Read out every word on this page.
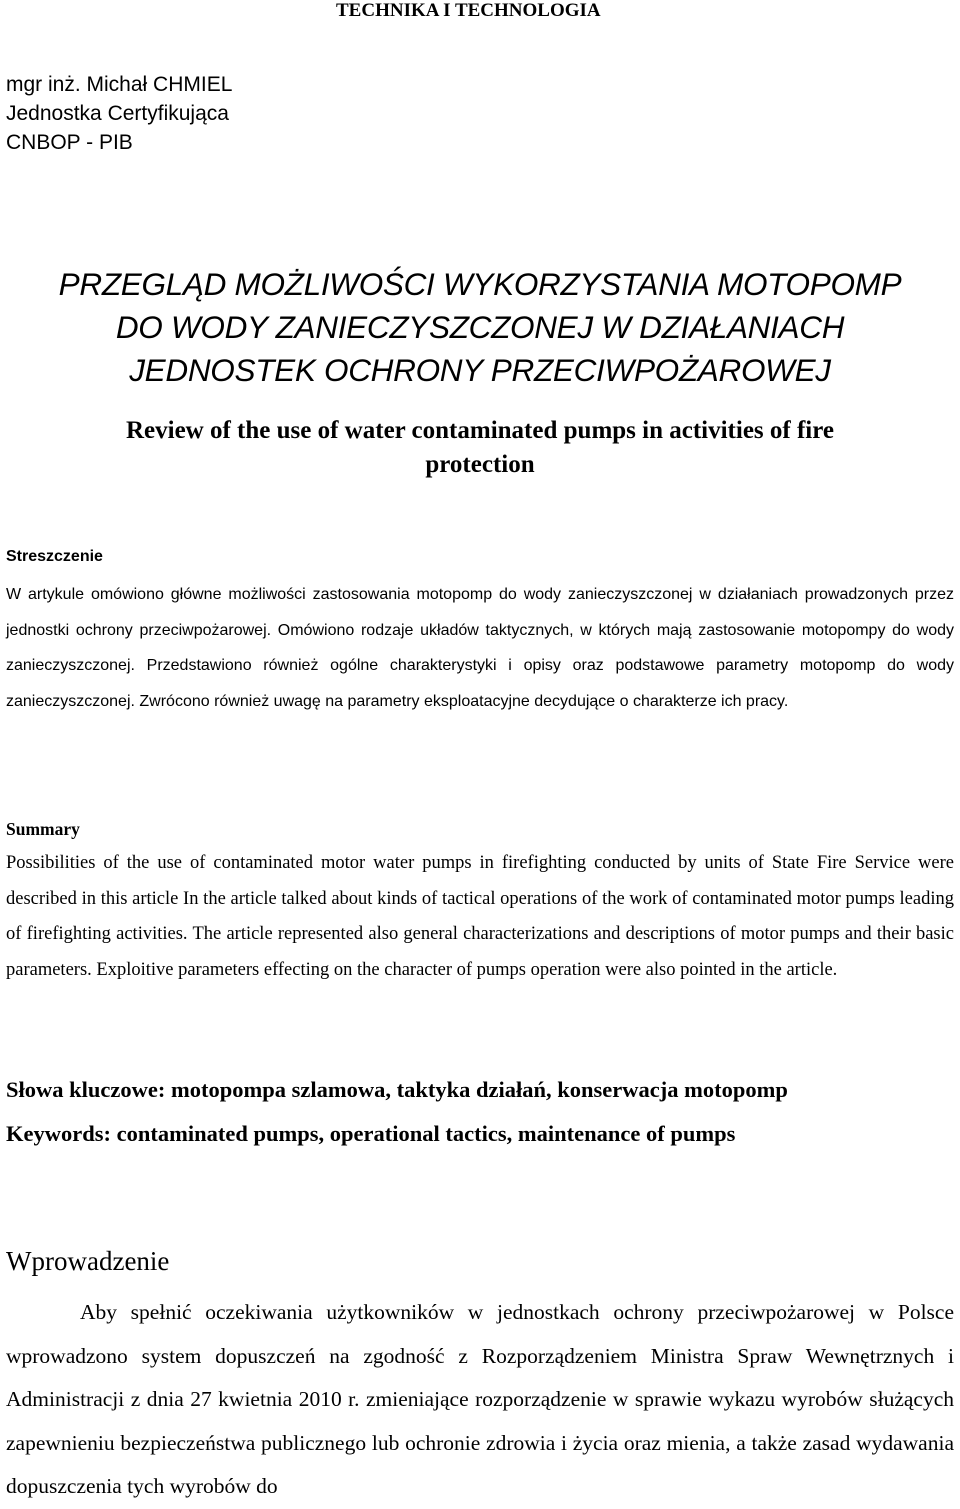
TECHNIKA I TECHNOLOGIA
mgr inż. Michał CHMIEL
Jednostka Certyfikująca
CNBOP - PIB
PRZEGLĄD MOŻLIWOŚCI WYKORZYSTANIA MOTOPOMP
DO WODY ZANIECZYSZCZONEJ W DZIAŁANIACH
JEDNOSTEK OCHRONY PRZECIWPOŻAROWEJ
Review of the use of water contaminated pumps in activities of fire
protection
Streszczenie
W artykule omówiono główne możliwości zastosowania motopomp do wody zanieczyszczonej w działaniach prowadzonych przez jednostki ochrony przeciwpożarowej. Omówiono rodzaje układów taktycznych, w których mają zastosowanie motopompy do wody zanieczyszczonej. Przedstawiono również ogólne charakterystyki i opisy oraz podstawowe parametry motopomp do wody zanieczyszczonej. Zwrócono również uwagę na parametry eksploatacyjne decydujące o charakterze ich pracy.
Summary
Possibilities of the use of contaminated motor water pumps in firefighting conducted by units of State Fire Service were described in this article In the article talked about kinds of tactical operations of the work of contaminated motor pumps leading of firefighting activities. The article represented also general characterizations and descriptions of motor pumps and their basic parameters. Exploitive parameters effecting on the character of pumps operation were also pointed in the article.
Słowa kluczowe: motopompa szlamowa, taktyka działań, konserwacja motopomp
Keywords: contaminated pumps, operational tactics, maintenance of pumps
Wprowadzenie
Aby spełnić oczekiwania użytkowników w jednostkach ochrony przeciwpożarowej w Polsce wprowadzono system dopuszczeń na zgodność z Rozporządzeniem Ministra Spraw Wewnętrznych i Administracji z dnia 27 kwietnia 2010 r. zmieniające rozporządzenie w sprawie wykazu wyrobów służących zapewnieniu bezpieczeństwa publicznego lub ochronie zdrowia i życia oraz mienia, a także zasad wydawania dopuszczenia tych wyrobów do
